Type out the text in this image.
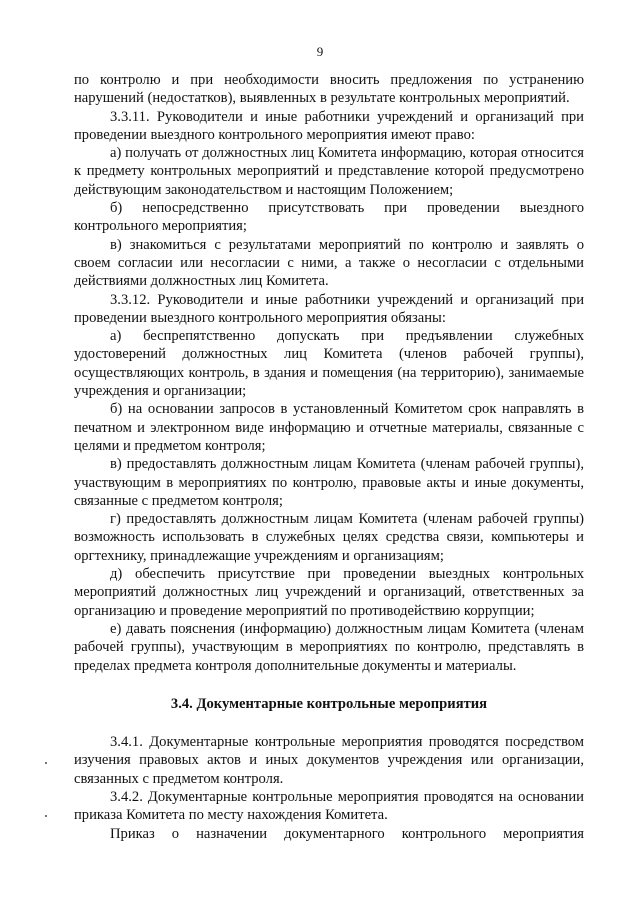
9

по контролю и при необходимости вносить предложения по устранению нарушений (недостатков), выявленных в результате контрольных мероприятий.

3.3.11. Руководители и иные работники учреждений и организаций при проведении выездного контрольного мероприятия имеют право:

а) получать от должностных лиц Комитета информацию, которая относится к предмету контрольных мероприятий и представление которой предусмотрено действующим законодательством и настоящим Положением;

б) непосредственно присутствовать при проведении выездного контрольного мероприятия;

в) знакомиться с результатами мероприятий по контролю и заявлять о своем согласии или несогласии с ними, а также о несогласии с отдельными действиями должностных лиц Комитета.

3.3.12. Руководители и иные работники учреждений и организаций при проведении выездного контрольного мероприятия обязаны:

а) беспрепятственно допускать при предъявлении служебных удостоверений должностных лиц Комитета (членов рабочей группы), осуществляющих контроль, в здания и помещения (на территорию), занимаемые учреждения и организации;

б) на основании запросов в установленный Комитетом срок направлять в печатном и электронном виде информацию и отчетные материалы, связанные с целями и предметом контроля;

в) предоставлять должностным лицам Комитета (членам рабочей группы), участвующим в мероприятиях по контролю, правовые акты и иные документы, связанные с предметом контроля;

г) предоставлять должностным лицам Комитета (членам рабочей группы) возможность использовать в служебных целях средства связи, компьютеры и оргтехнику, принадлежащие учреждениям и организациям;

д) обеспечить присутствие при проведении выездных контрольных мероприятий должностных лиц учреждений и организаций, ответственных за организацию и проведение мероприятий по противодействию коррупции;

е) давать пояснения (информацию) должностным лицам Комитета (членам рабочей группы), участвующим в мероприятиях по контролю, представлять в пределах предмета контроля дополнительные документы и материалы.

3.4. Документарные контрольные мероприятия

3.4.1. Документарные контрольные мероприятия проводятся посредством изучения правовых актов и иных документов учреждения или организации, связанных с предметом контроля.

3.4.2. Документарные контрольные мероприятия проводятся на основании приказа Комитета по месту нахождения Комитета.

Приказ о назначении документарного контрольного мероприятия
